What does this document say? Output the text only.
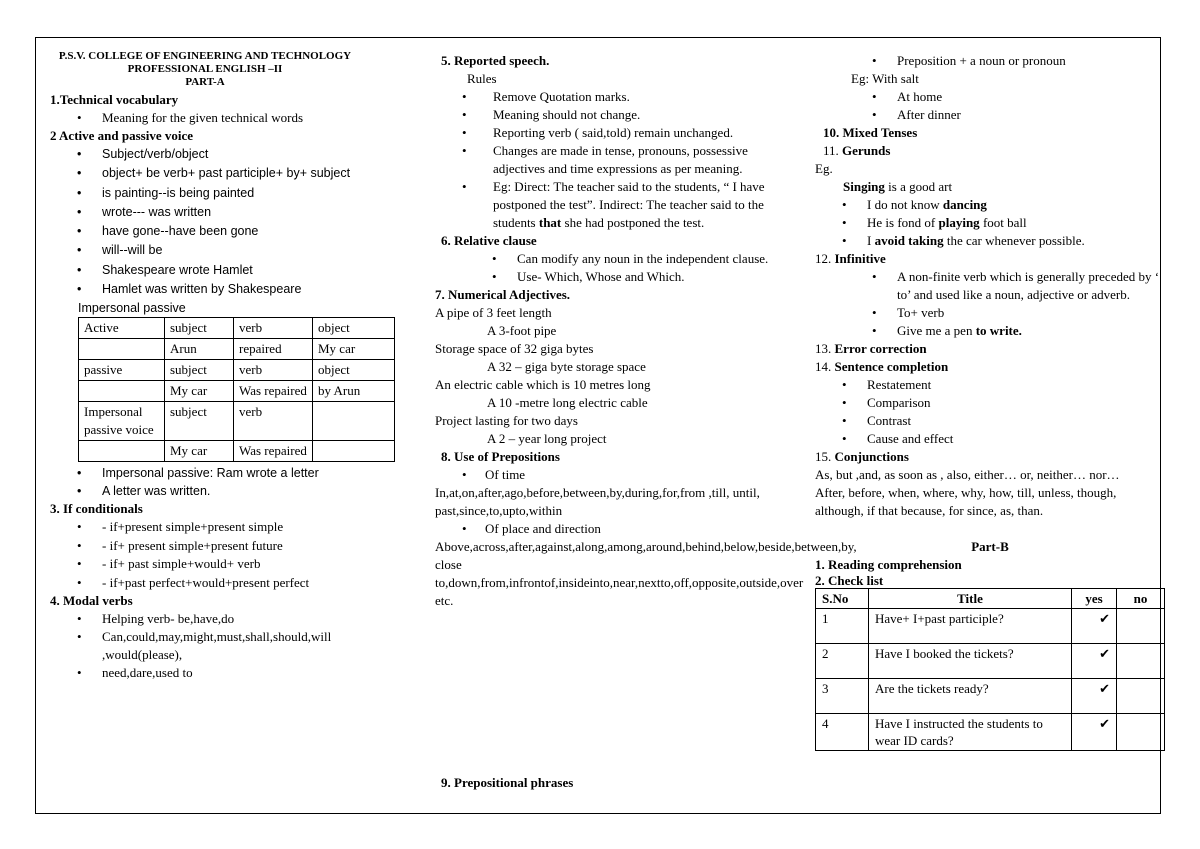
P.S.V. COLLEGE OF ENGINEERING AND TECHNOLOGY
PROFESSIONAL ENGLISH –II
PART-A
1.Technical vocabulary
• Meaning for the given technical words
2 Active and passive voice
• Subject/verb/object
• object+ be verb+ past participle+ by+ subject
• is painting--is being painted
• wrote--- was written
• have gone--have been gone
• will--will be
• Shakespeare wrote Hamlet
• Hamlet was written by Shakespeare
Impersonal passive
Active	subject	verb	object
	Arun	repaired	My car
passive	subject	verb	object
	My car	Was repaired	by Arun
Impersonal passive voice	subject	verb	
	My car	Was repaired	
• Impersonal passive: Ram wrote a letter
• A letter was written.
3. If conditionals
• - if+present simple+present simple
• - if+ present simple+present future
• - if+ past simple+would+ verb
• - if+past perfect+would+present perfect
4. Modal verbs
• Helping verb- be,have,do
• Can,could,may,might,must,shall,should,will ,would(please),
• need,dare,used to
5. Reported speech.
Rules
• Remove Quotation marks.
• Meaning should not change.
• Reporting verb ( said,told) remain unchanged.
• Changes are made in tense, pronouns, possessive adjectives and time expressions as per meaning.
• Eg: Direct: The teacher said to the students, “ I have postponed the test”. Indirect: The teacher said to the students that she had postponed the test.
6. Relative clause
• Can modify any noun in the independent clause.
• Use- Which, Whose and Which.
7. Numerical Adjectives.
A pipe of 3 feet length
A 3-foot pipe
Storage space of 32 giga bytes
A 32 – giga byte storage space
An electric cable which is 10 metres long
A 10 -metre long electric cable
Project lasting for two days
A 2 – year long project
8. Use of Prepositions
• Of time
In,at,on,after,ago,before,between,by,during,for,from ,till, until, past,since,to,upto,within
• Of place and direction
Above,across,after,against,along,among,around,behind,below,beside,between,by,
close
to,down,from,infrontof,insideinto,near,nextto,off,opposite,outside,over etc.
9. Prepositional phrases
• Preposition + a noun or pronoun
Eg: With salt
• At home
• After dinner
10. Mixed Tenses
11. Gerunds
Eg.
Singing is a good art
• I do not know dancing
• He is fond of playing foot ball
• I avoid taking the car whenever possible.
12. Infinitive
• A non-finite verb which is generally preceded by ‘ to’ and used like a noun, adjective or adverb.
• To+ verb
• Give me a pen to write.
13. Error correction
14. Sentence completion
• Restatement
• Comparison
• Contrast
• Cause and effect
15. Conjunctions
As, but ,and, as soon as , also, either… or, neither… nor…
After, before, when, where, why, how, till, unless, though, although, if that because, for since, as, than.
Part-B
1. Reading comprehension
2. Check list
S.No	Title	yes	no
1	Have+ I+past participle?	✔	
2	Have I booked the tickets?	✔	
3	Are the tickets ready?	✔	
4	Have I instructed the students to wear ID cards?	✔	
